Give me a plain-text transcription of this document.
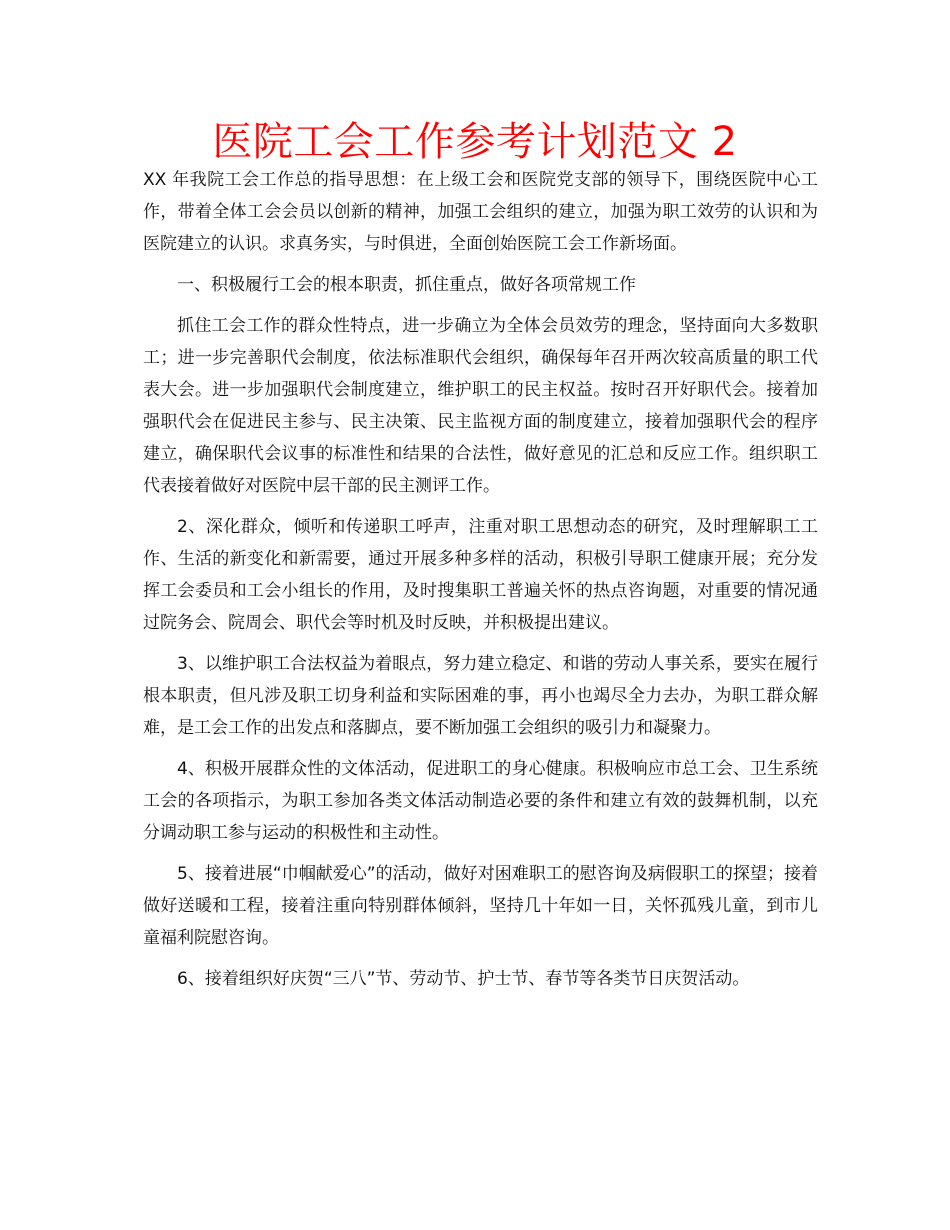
医院工会工作参考计划范文 2

XX 年我院工会工作总的指导思想：在上级工会和医院党支部的领导下，围绕医院中心工作，带着全体工会会员以创新的精神，加强工会组织的建立，加强为职工效劳的认识和为医院建立的认识。求真务实，与时俱进，全面创始医院工会工作新场面。

一、积极履行工会的根本职责，抓住重点，做好各项常规工作

抓住工会工作的群众性特点，进一步确立为全体会员效劳的理念，坚持面向大多数职工；进一步完善职代会制度，依法标准职代会组织，确保每年召开两次较高质量的职工代表大会。进一步加强职代会制度建立，维护职工的民主权益。按时召开好职代会。接着加强职代会在促进民主参与、民主决策、民主监视方面的制度建立，接着加强职代会的程序建立，确保职代会议事的标准性和结果的合法性，做好意见的汇总和反应工作。组织职工代表接着做好对医院中层干部的民主测评工作。

2、深化群众，倾听和传递职工呼声，注重对职工思想动态的研究，及时理解职工工作、生活的新变化和新需要，通过开展多种多样的活动，积极引导职工健康开展；充分发挥工会委员和工会小组长的作用，及时搜集职工普遍关怀的热点咨询题，对重要的情况通过院务会、院周会、职代会等时机及时反映，并积极提出建议。

3、以维护职工合法权益为着眼点，努力建立稳定、和谐的劳动人事关系，要实在履行根本职责，但凡涉及职工切身利益和实际困难的事，再小也竭尽全力去办，为职工群众解难，是工会工作的出发点和落脚点，要不断加强工会组织的吸引力和凝聚力。

4、积极开展群众性的文体活动，促进职工的身心健康。积极响应市总工会、卫生系统工会的各项指示，为职工参加各类文体活动制造必要的条件和建立有效的鼓舞机制，以充分调动职工参与运动的积极性和主动性。

5、接着进展“巾帼献爱心”的活动，做好对困难职工的慰咨询及病假职工的探望；接着做好送暖和工程，接着注重向特别群体倾斜，坚持几十年如一日，关怀孤残儿童，到市儿童福利院慰咨询。

6、接着组织好庆贺“三八”节、劳动节、护士节、春节等各类节日庆贺活动。
